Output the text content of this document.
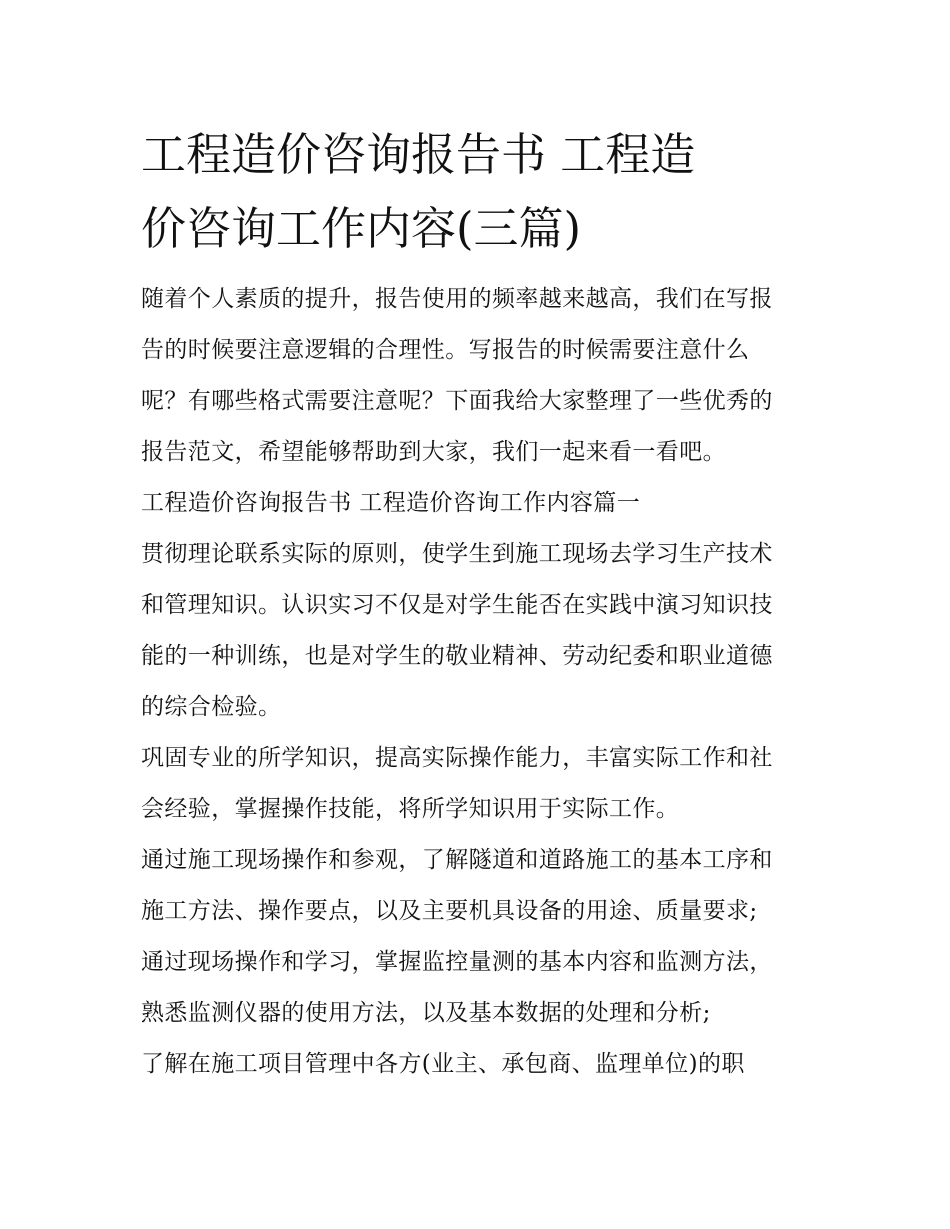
工程造价咨询报告书 工程造
价咨询工作内容(三篇)
随着个人素质的提升，报告使用的频率越来越高，我们在写报
告的时候要注意逻辑的合理性。写报告的时候需要注意什么
呢？有哪些格式需要注意呢？下面我给大家整理了一些优秀的
报告范文，希望能够帮助到大家，我们一起来看一看吧。
工程造价咨询报告书 工程造价咨询工作内容篇一
贯彻理论联系实际的原则，使学生到施工现场去学习生产技术
和管理知识。认识实习不仅是对学生能否在实践中演习知识技
能的一种训练，也是对学生的敬业精神、劳动纪委和职业道德
的综合检验。
巩固专业的所学知识，提高实际操作能力，丰富实际工作和社
会经验，掌握操作技能，将所学知识用于实际工作。
通过施工现场操作和参观，了解隧道和道路施工的基本工序和
施工方法、操作要点，以及主要机具设备的用途、质量要求;
通过现场操作和学习，掌握监控量测的基本内容和监测方法，
熟悉监测仪器的使用方法，以及基本数据的处理和分析;
了解在施工项目管理中各方(业主、承包商、监理单位)的职
